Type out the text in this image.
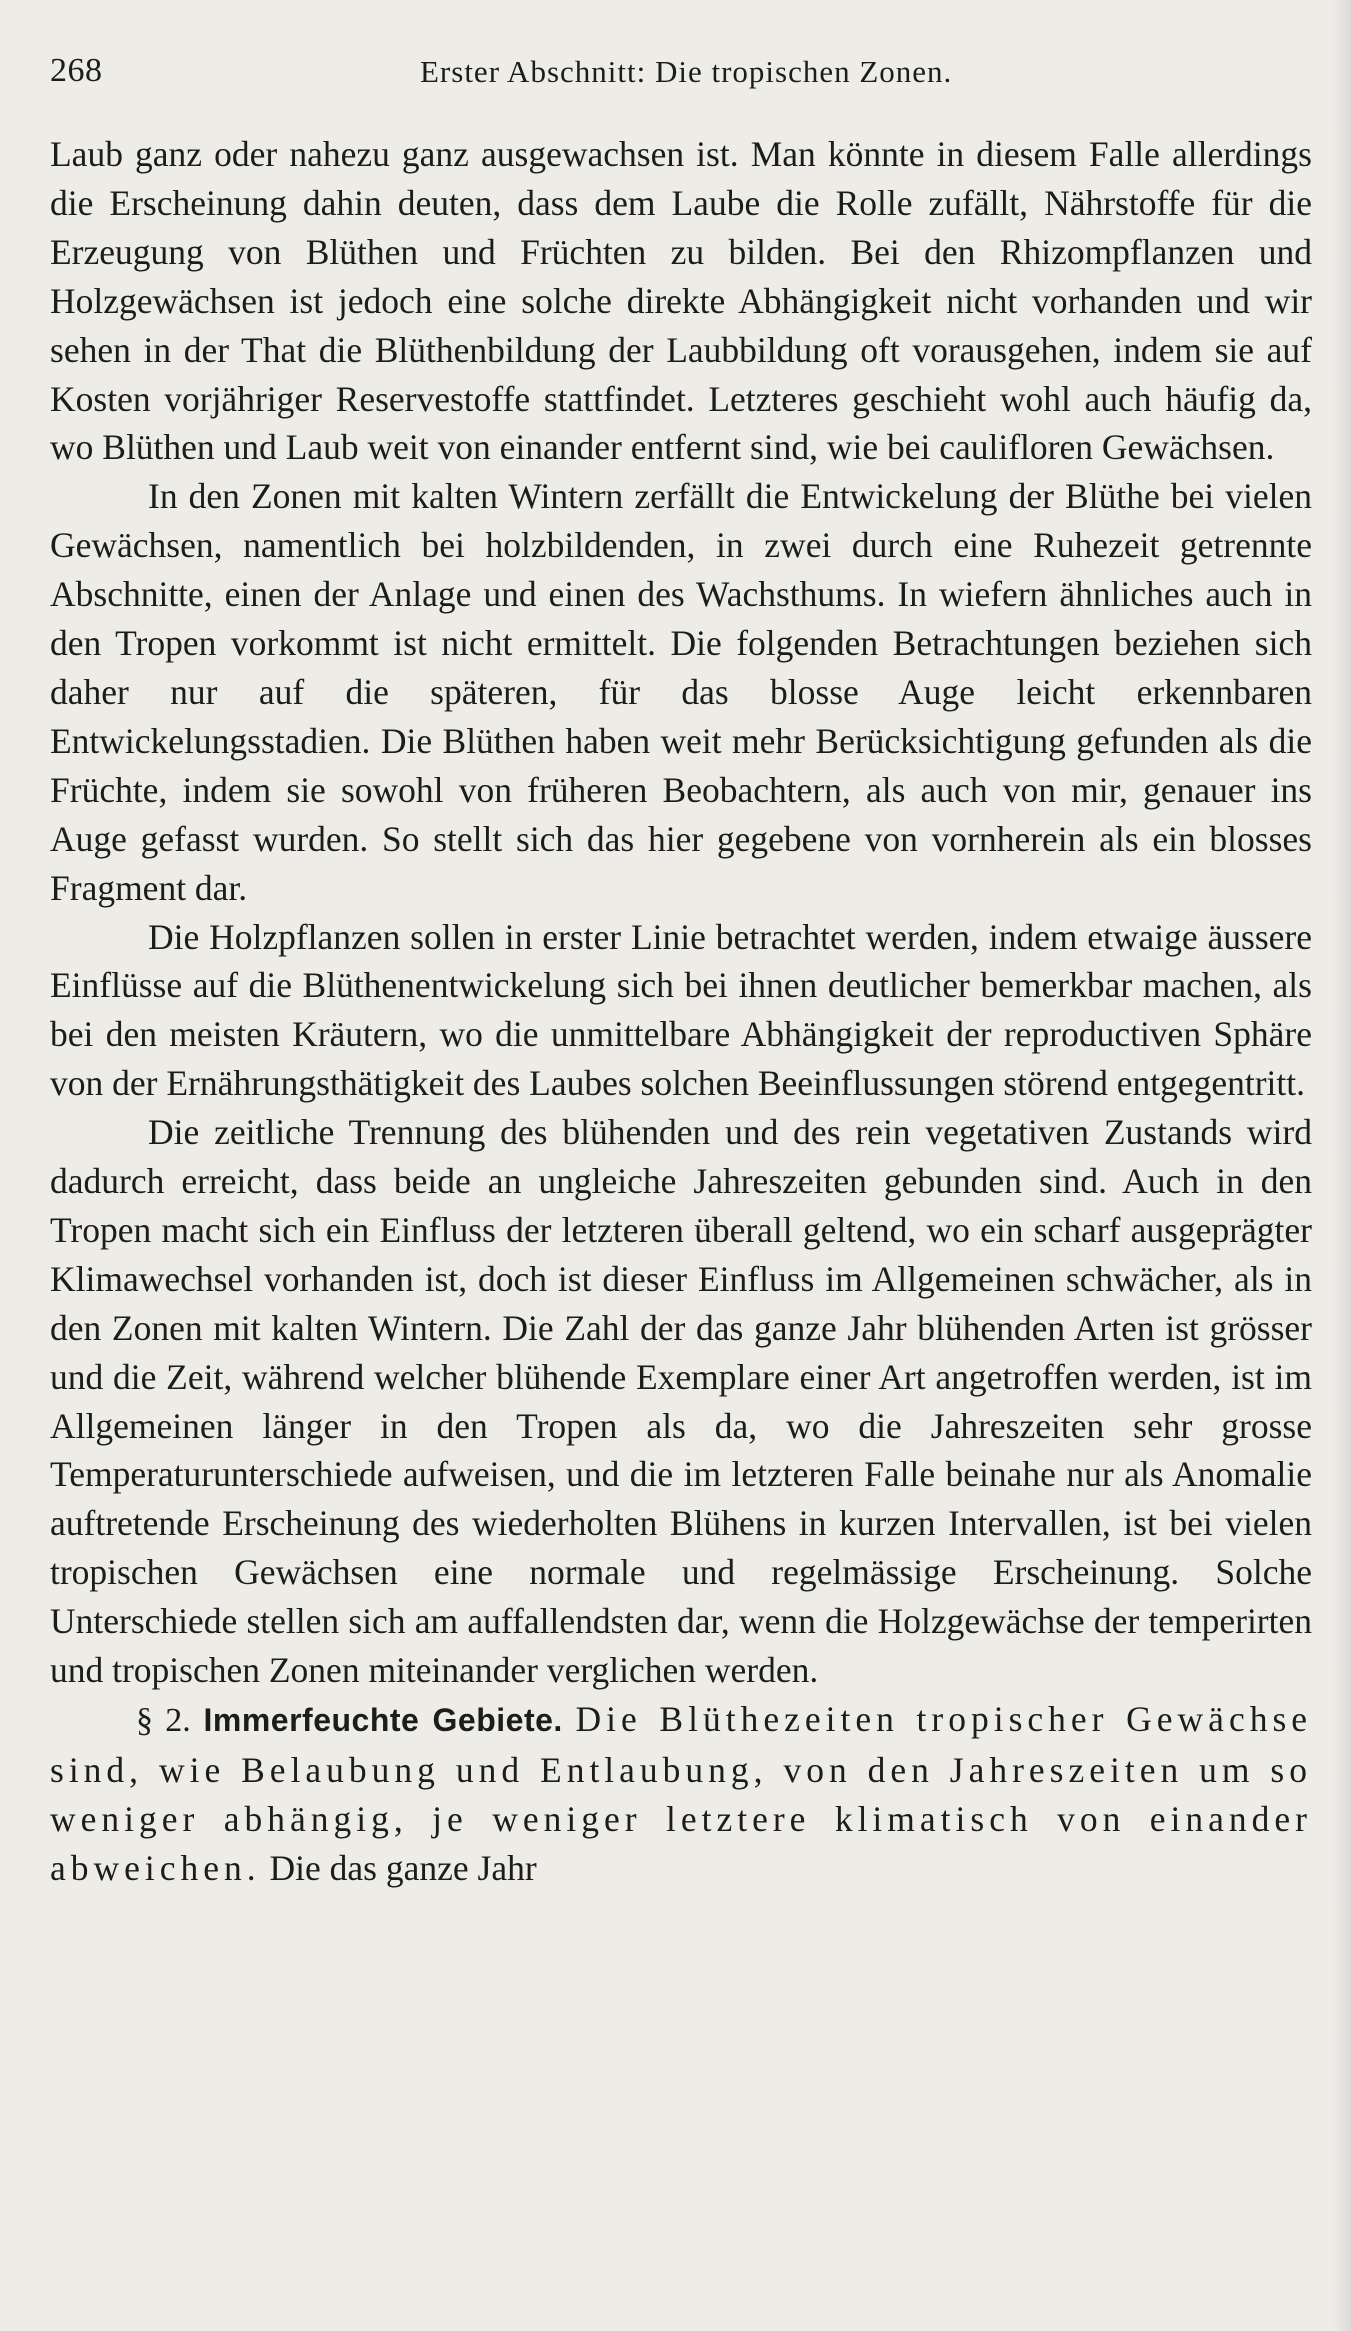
268	Erster Abschnitt: Die tropischen Zonen.

Laub ganz oder nahezu ganz ausgewachsen ist. Man könnte in diesem Falle allerdings die Erscheinung dahin deuten, dass dem Laube die Rolle zufällt, Nährstoffe für die Erzeugung von Blüthen und Früchten zu bilden. Bei den Rhizompflanzen und Holzgewächsen ist jedoch eine solche direkte Abhängigkeit nicht vorhanden und wir sehen in der That die Blüthenbildung der Laubbildung oft vorausgehen, indem sie auf Kosten vorjähriger Reservestoffe stattfindet. Letzteres geschieht wohl auch häufig da, wo Blüthen und Laub weit von einander entfernt sind, wie bei caulifloren Gewächsen.

In den Zonen mit kalten Wintern zerfällt die Entwickelung der Blüthe bei vielen Gewächsen, namentlich bei holzbildenden, in zwei durch eine Ruhezeit getrennte Abschnitte, einen der Anlage und einen des Wachsthums. In wiefern ähnliches auch in den Tropen vorkommt ist nicht ermittelt. Die folgenden Betrachtungen beziehen sich daher nur auf die späteren, für das blosse Auge leicht erkennbaren Entwickelungsstadien. Die Blüthen haben weit mehr Berücksichtigung gefunden als die Früchte, indem sie sowohl von früheren Beobachtern, als auch von mir, genauer ins Auge gefasst wurden. So stellt sich das hier gegebene von vornherein als ein blosses Fragment dar.

Die Holzpflanzen sollen in erster Linie betrachtet werden, indem etwaige äussere Einflüsse auf die Blüthenentwickelung sich bei ihnen deutlicher bemerkbar machen, als bei den meisten Kräutern, wo die unmittelbare Abhängigkeit der reproductiven Sphäre von der Ernährungsthätigkeit des Laubes solchen Beeinflussungen störend entgegentritt.

Die zeitliche Trennung des blühenden und des rein vegetativen Zustands wird dadurch erreicht, dass beide an ungleiche Jahreszeiten gebunden sind. Auch in den Tropen macht sich ein Einfluss der letzteren überall geltend, wo ein scharf ausgeprägter Klimawechsel vorhanden ist, doch ist dieser Einfluss im Allgemeinen schwächer, als in den Zonen mit kalten Wintern. Die Zahl der das ganze Jahr blühenden Arten ist grösser und die Zeit, während welcher blühende Exemplare einer Art angetroffen werden, ist im Allgemeinen länger in den Tropen als da, wo die Jahreszeiten sehr grosse Temperaturunterschiede aufweisen, und die im letzteren Falle beinahe nur als Anomalie auftretende Erscheinung des wiederholten Blühens in kurzen Intervallen, ist bei vielen tropischen Gewächsen eine normale und regelmässige Erscheinung. Solche Unterschiede stellen sich am auffallendsten dar, wenn die Holzgewächse der temperirten und tropischen Zonen miteinander verglichen werden.

§ 2. Immerfeuchte Gebiete. Die Blüthezeiten tropischer Gewächse sind, wie Belaubung und Entlaubung, von den Jahreszeiten um so weniger abhängig, je weniger letztere klimatisch von einander abweichen. Die das ganze Jahr
